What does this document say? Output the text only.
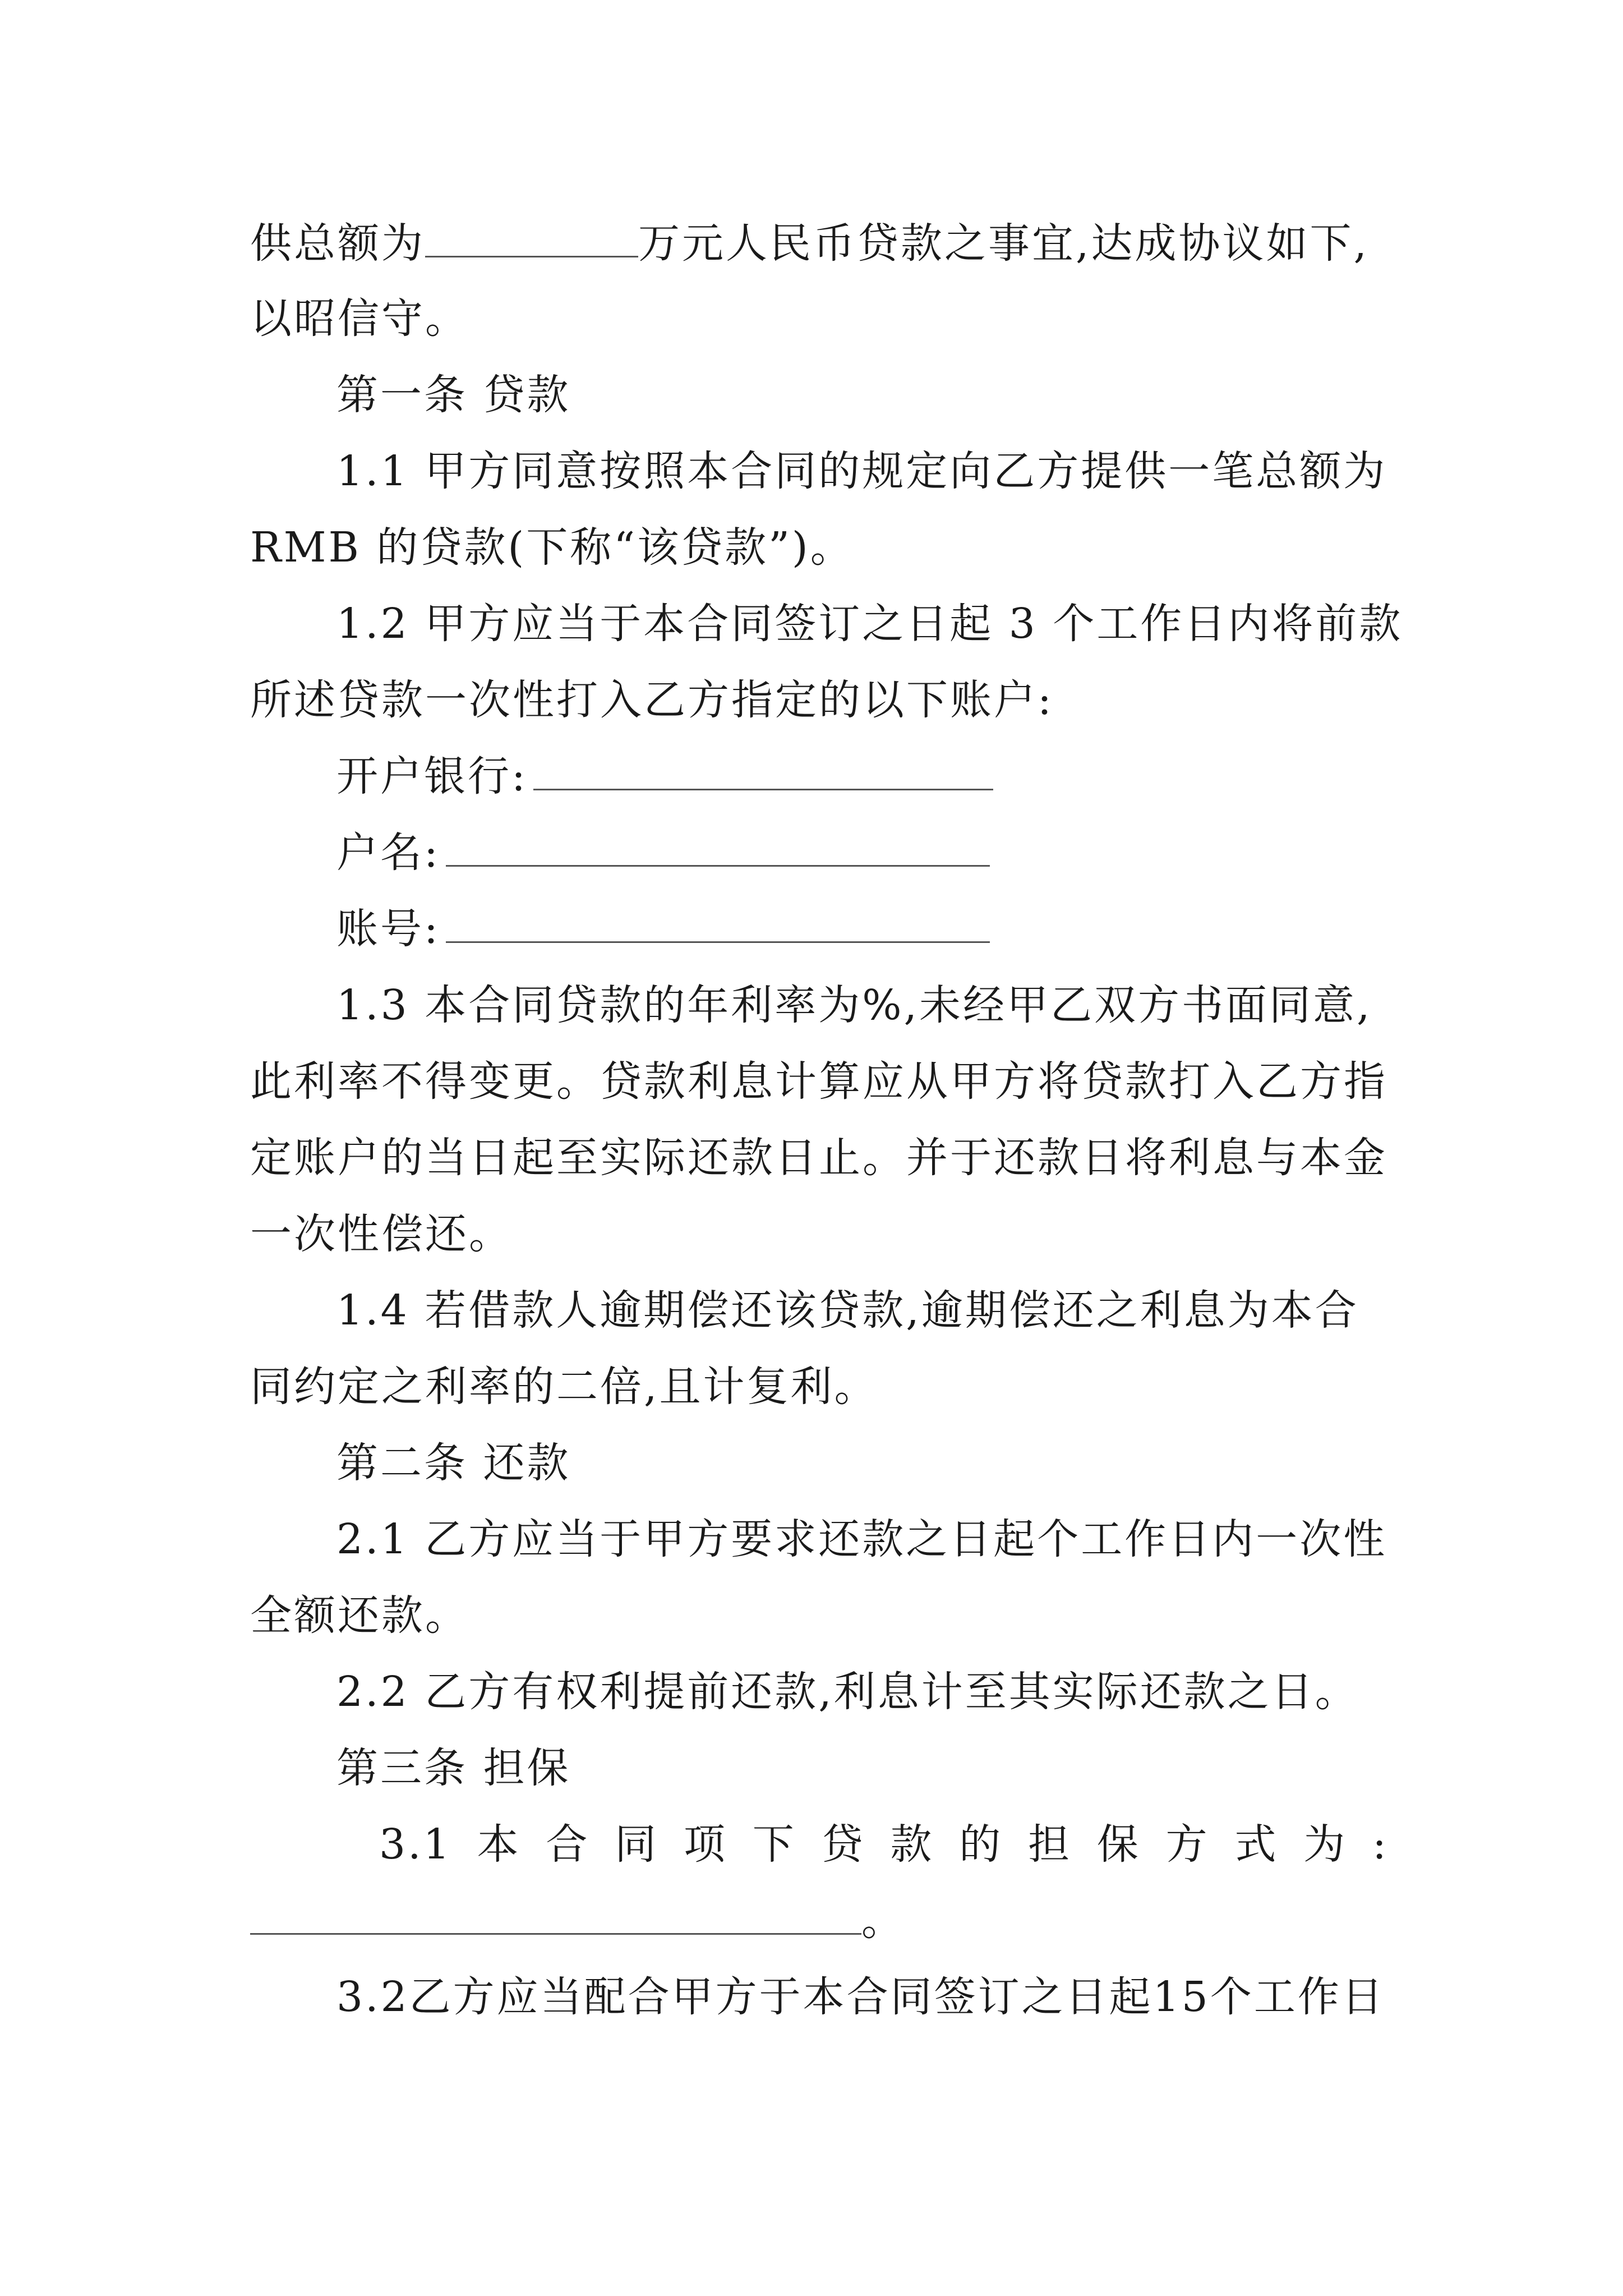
供总额为	万元人民币贷款之事宜,达成协议如下,
以昭信守。
第一条 贷款
1.1 甲方同意按照本合同的规定向乙方提供一笔总额为
RMB 的贷款(下称“该贷款”)。
1.2 甲方应当于本合同签订之日起 3 个工作日内将前款
所述贷款一次性打入乙方指定的以下账户:
开户银行:
户名:
账号:
1.3 本合同贷款的年利率为%,未经甲乙双方书面同意,
此利率不得变更。贷款利息计算应从甲方将贷款打入乙方指
定账户的当日起至实际还款日止。并于还款日将利息与本金
一次性偿还。
1.4 若借款人逾期偿还该贷款,逾期偿还之利息为本合
同约定之利率的二倍,且计复利。
第二条 还款
2.1 乙方应当于甲方要求还款之日起个工作日内一次性
全额还款。
2.2 乙方有权利提前还款,利息计至其实际还款之日。
第三条 担保
3.1 本 合 同 项 下 贷 款 的 担 保 方 式 为 :
。
3.2乙方应当配合甲方于本合同签订之日起15个工作日
